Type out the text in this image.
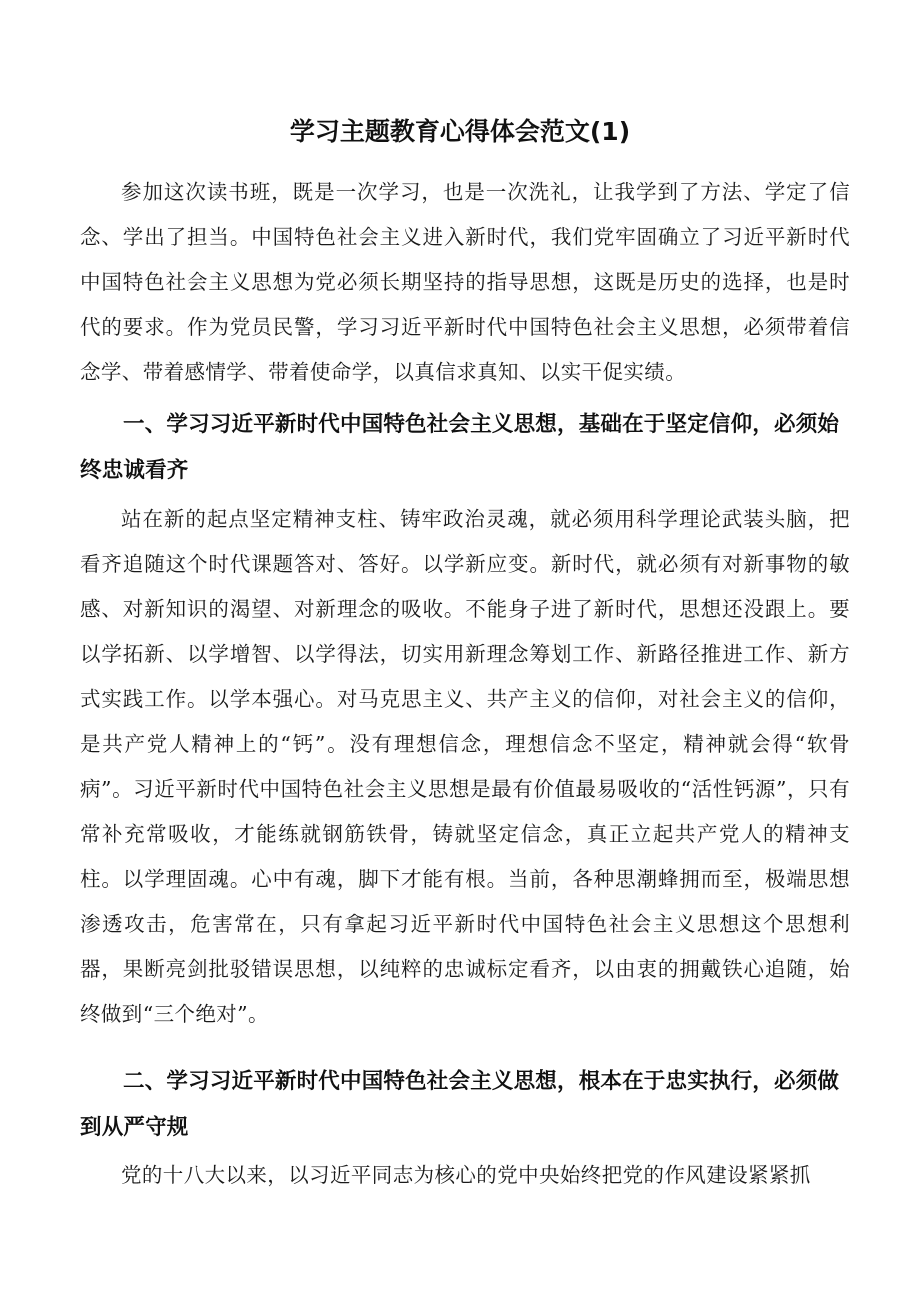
学习主题教育心得体会范文(1)

参加这次读书班，既是一次学习，也是一次洗礼，让我学到了方法、学定了信念、学出了担当。中国特色社会主义进入新时代，我们党牢固确立了习近平新时代中国特色社会主义思想为党必须长期坚持的指导思想，这既是历史的选择，也是时代的要求。作为党员民警，学习习近平新时代中国特色社会主义思想，必须带着信念学、带着感情学、带着使命学，以真信求真知、以实干促实绩。

一、学习习近平新时代中国特色社会主义思想，基础在于坚定信仰，必须始终忠诚看齐

站在新的起点坚定精神支柱、铸牢政治灵魂，就必须用科学理论武装头脑，把看齐追随这个时代课题答对、答好。以学新应变。新时代，就必须有对新事物的敏感、对新知识的渴望、对新理念的吸收。不能身子进了新时代，思想还没跟上。要以学拓新、以学增智、以学得法，切实用新理念筹划工作、新路径推进工作、新方式实践工作。以学本强心。对马克思主义、共产主义的信仰，对社会主义的信仰，是共产党人精神上的“钙”。没有理想信念，理想信念不坚定，精神就会得“软骨病”。习近平新时代中国特色社会主义思想是最有价值最易吸收的“活性钙源”，只有常补充常吸收，才能练就钢筋铁骨，铸就坚定信念，真正立起共产党人的精神支柱。以学理固魂。心中有魂，脚下才能有根。当前，各种思潮蜂拥而至，极端思想渗透攻击，危害常在，只有拿起习近平新时代中国特色社会主义思想这个思想利器，果断亮剑批驳错误思想，以纯粹的忠诚标定看齐，以由衷的拥戴铁心追随，始终做到“三个绝对”。

二、学习习近平新时代中国特色社会主义思想，根本在于忠实执行，必须做到从严守规

党的十八大以来，以习近平同志为核心的党中央始终把党的作风建设紧紧抓
